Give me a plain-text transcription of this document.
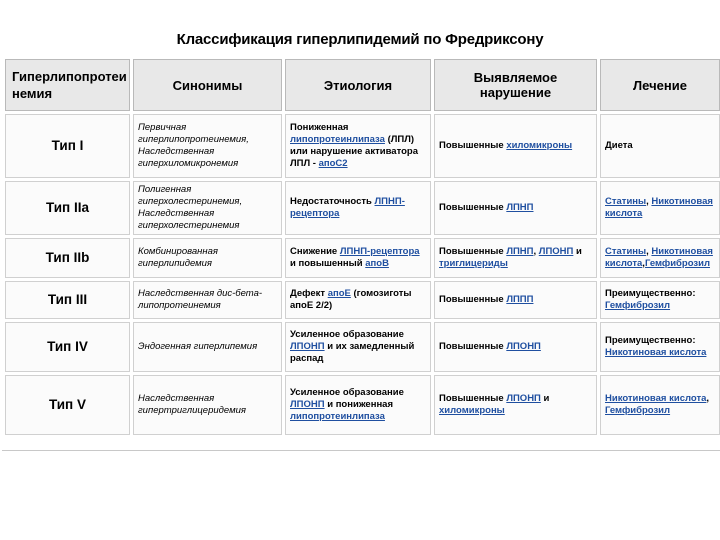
Классификация гиперлипидемий по Фредриксону
Гиперлипопротеи немия	Синонимы	Этиология	Выявляемое нарушение	Лечение
Тип I	Первичная гиперлипопротеинемия, Наследственная гиперхиломикронемия	Пониженная липопротеинлипаза (ЛПЛ) или нарушение активатора ЛПЛ - апоС2	Повышенные хиломикроны	Диета
Тип IIa	Полигенная гиперхолестеринемия, Наследственная гиперхолестеринемия	Недостаточность ЛПНП-рецептора	Повышенные ЛПНП	Статины, Никотиновая кислота
Тип IIb	Комбинированная гиперлипидемия	Снижение ЛПНП-рецептора и повышенный апоВ	Повышенные ЛПНП, ЛПОНП и триглицериды	Статины, Никотиновая кислота,Гемфиброзил
Тип III	Наследственная дис-бета-липопротеинемия	Дефект апоЕ (гомозиготы апоЕ 2/2)	Повышенные ЛППП	Преимущественно: Гемфиброзил
Тип IV	Эндогенная гиперлипемия	Усиленное образование ЛПОНП и их замедленный распад	Повышенные ЛПОНП	Преимущественно: Никотиновая кислота
Тип V	Наследственная гипертриглицеридемия	Усиленное образование ЛПОНП и пониженная липопротеинлипаза	Повышенные ЛПОНП и хиломикроны	Никотиновая кислота, Гемфиброзил
